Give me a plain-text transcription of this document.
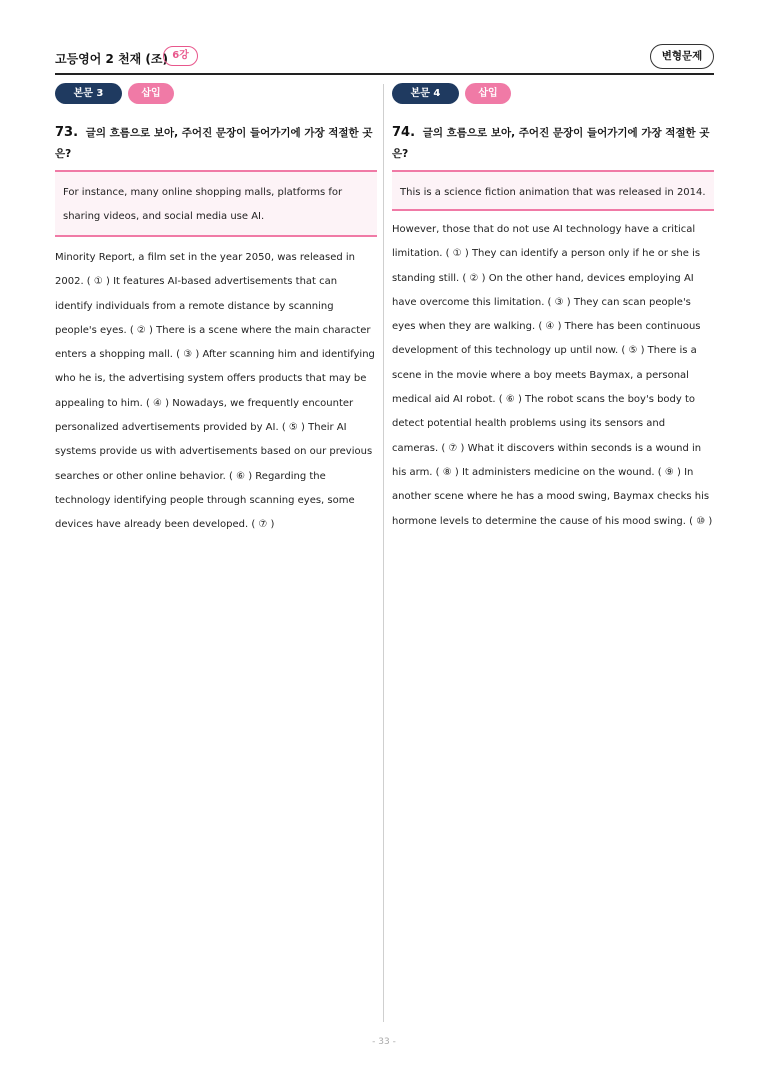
고등영어 2 천재 (조) 6강	변형문제
본문 3	삽입
73. 글의 흐름으로 보아, 주어진 문장이 들어가기에 가장 적절한 곳은?
For instance, many online shopping malls, platforms for sharing videos, and social media use AI.
Minority Report, a film set in the year 2050, was released in 2002. ( ① ) It features AI-based advertisements that can identify individuals from a remote distance by scanning people's eyes. ( ② ) There is a scene where the main character enters a shopping mall. ( ③ ) After scanning him and identifying who he is, the advertising system offers products that may be appealing to him. ( ④ ) Nowadays, we frequently encounter personalized advertisements provided by AI. ( ⑤ ) Their AI systems provide us with advertisements based on our previous searches or other online behavior. ( ⑥ ) Regarding the technology identifying people through scanning eyes, some devices have already been developed. ( ⑦ )
본문 4	삽입
74. 글의 흐름으로 보아, 주어진 문장이 들어가기에 가장 적절한 곳은?
This is a science fiction animation that was released in 2014.
However, those that do not use AI technology have a critical limitation. ( ① ) They can identify a person only if he or she is standing still. ( ② ) On the other hand, devices employing AI have overcome this limitation. ( ③ ) They can scan people's eyes when they are walking. ( ④ ) There has been continuous development of this technology up until now. ( ⑤ ) There is a scene in the movie where a boy meets Baymax, a personal medical aid AI robot. ( ⑥ ) The robot scans the boy's body to detect potential health problems using its sensors and cameras. ( ⑦ ) What it discovers within seconds is a wound in his arm. ( ⑧ ) It administers medicine on the wound. ( ⑨ ) In another scene where he has a mood swing, Baymax checks his hormone levels to determine the cause of his mood swing. ( ⑩ )
- 33 -
